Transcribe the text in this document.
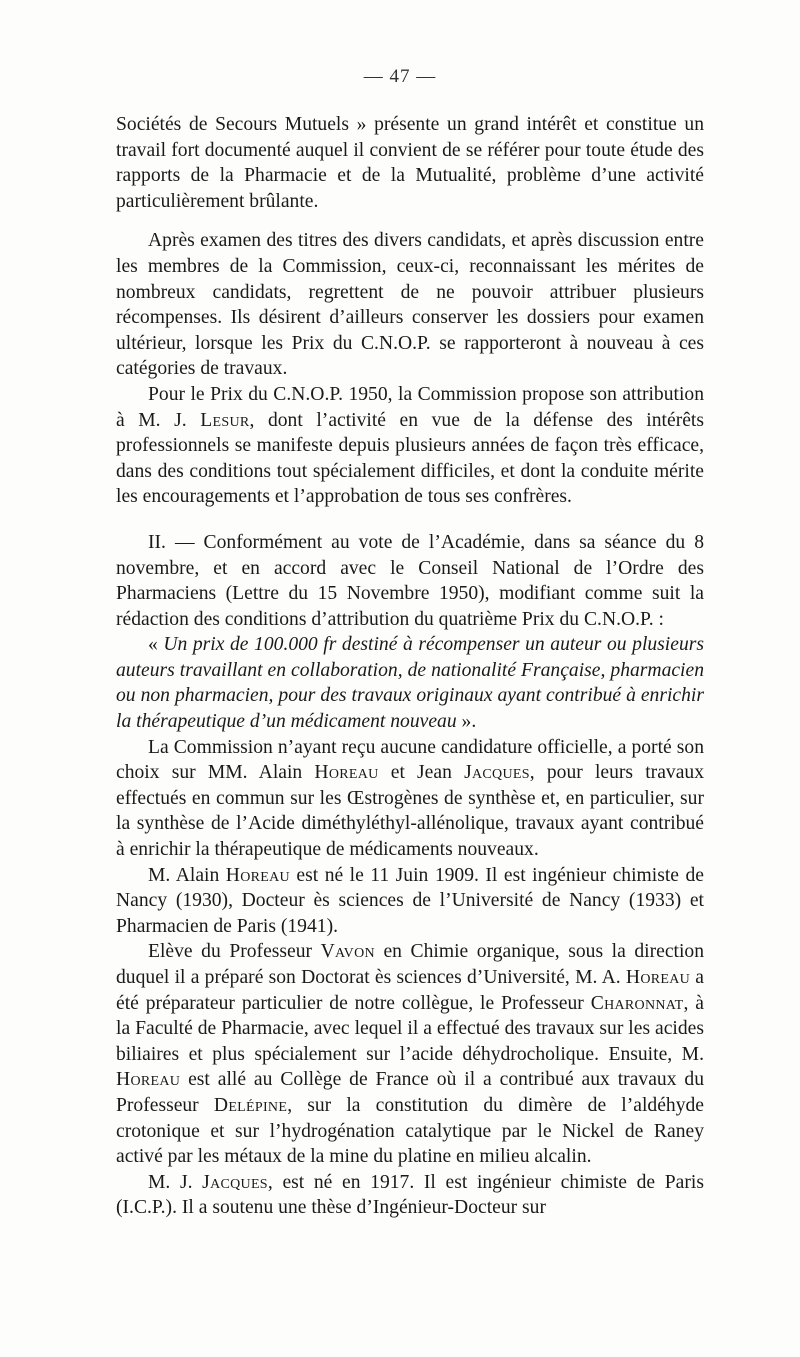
— 47 —

Sociétés de Secours Mutuels » présente un grand intérêt et constitue un travail fort documenté auquel il convient de se référer pour toute étude des rapports de la Pharmacie et de la Mutualité, problème d’une activité particulièrement brûlante.

Après examen des titres des divers candidats, et après discussion entre les membres de la Commission, ceux-ci, reconnaissant les mérites de nombreux candidats, regrettent de ne pouvoir attribuer plusieurs récompenses. Ils désirent d’ailleurs conserver les dossiers pour examen ultérieur, lorsque les Prix du C.N.O.P. se rapporteront à nouveau à ces catégories de travaux.

Pour le Prix du C.N.O.P. 1950, la Commission propose son attribution à M. J. Lesur, dont l’activité en vue de la défense des intérêts professionnels se manifeste depuis plusieurs années de façon très efficace, dans des conditions tout spécialement difficiles, et dont la conduite mérite les encouragements et l’approbation de tous ses confrères.

II. — Conformément au vote de l’Académie, dans sa séance du 8 novembre, et en accord avec le Conseil National de l’Ordre des Pharmaciens (Lettre du 15 Novembre 1950), modifiant comme suit la rédaction des conditions d’attribution du quatrième Prix du C.N.O.P. :

« Un prix de 100.000 fr destiné à récompenser un auteur ou plusieurs auteurs travaillant en collaboration, de nationalité Française, pharmacien ou non pharmacien, pour des travaux originaux ayant contribué à enrichir la thérapeutique d’un médicament nouveau ».

La Commission n’ayant reçu aucune candidature officielle, a porté son choix sur MM. Alain Horeau et Jean Jacques, pour leurs travaux effectués en commun sur les Œstrogènes de synthèse et, en particulier, sur la synthèse de l’Acide diméthyléthyl-allénolique, travaux ayant contribué à enrichir la thérapeutique de médicaments nouveaux.

M. Alain Horeau est né le 11 Juin 1909. Il est ingénieur chimiste de Nancy (1930), Docteur ès sciences de l’Université de Nancy (1933) et Pharmacien de Paris (1941).

Elève du Professeur Vavon en Chimie organique, sous la direction duquel il a préparé son Doctorat ès sciences d’Université, M. A. Horeau a été préparateur particulier de notre collègue, le Professeur Charonnat, à la Faculté de Pharmacie, avec lequel il a effectué des travaux sur les acides biliaires et plus spécialement sur l’acide déhydrocholique. Ensuite, M. Horeau est allé au Collège de France où il a contribué aux travaux du Professeur Delépine, sur la constitution du dimère de l’aldéhyde crotonique et sur l’hydrogénation catalytique par le Nickel de Raney activé par les métaux de la mine du platine en milieu alcalin.

M. J. Jacques, est né en 1917. Il est ingénieur chimiste de Paris (I.C.P.). Il a soutenu une thèse d’Ingénieur-Docteur sur
